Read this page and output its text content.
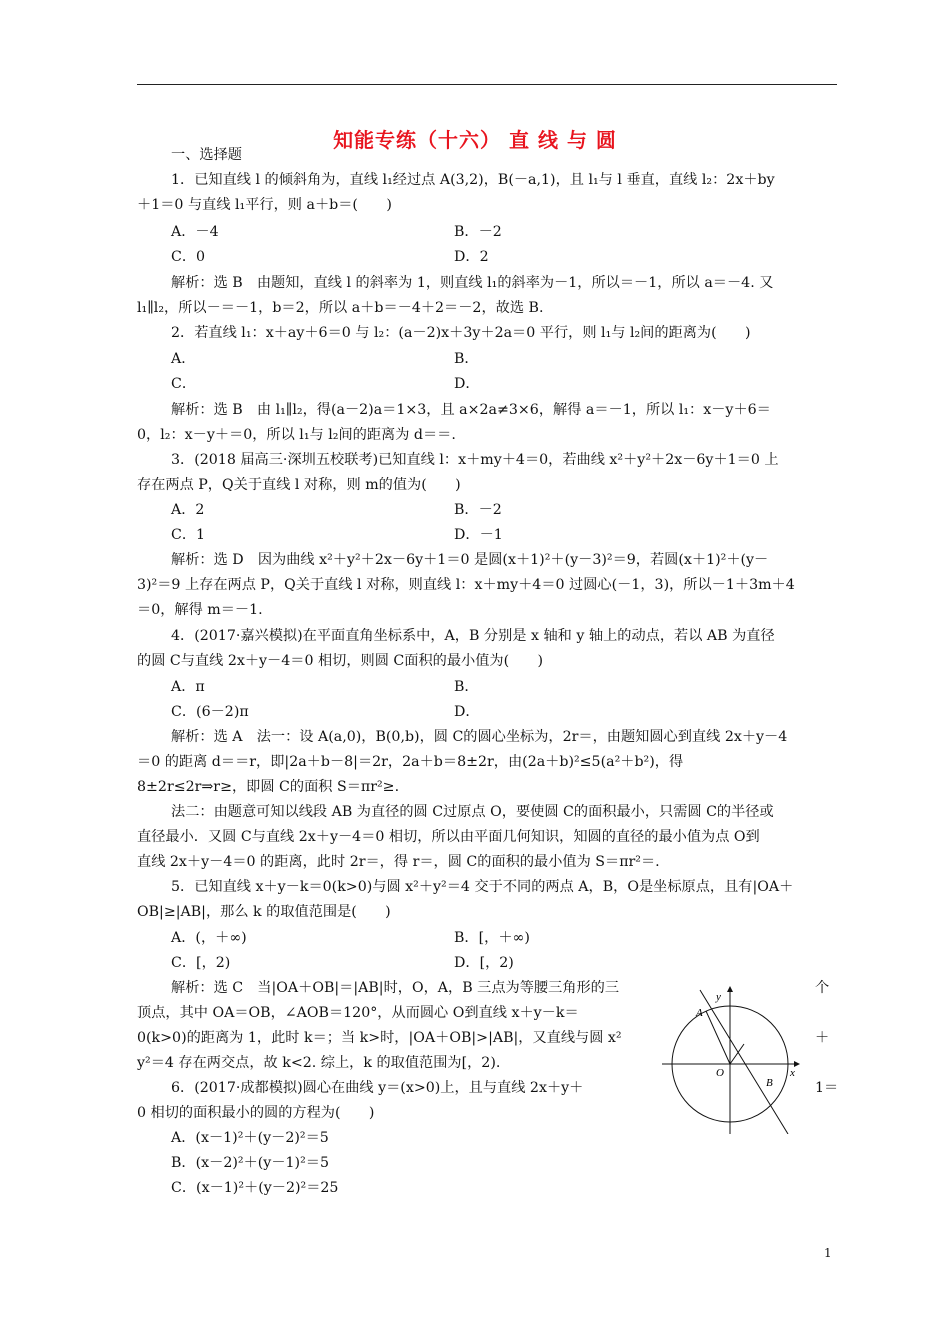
知能专练（十六） 直 线 与 圆
一、选择题
1．已知直线 l 的倾斜角为，直线 l₁经过点 A(3,2)，B(－a,1)，且 l₁与 l 垂直，直线 l₂：2x＋by
＋1＝0 与直线 l₁平行，则 a＋b＝(　　)
A．－4	B．－2
C．0	D．2
解析：选 B　由题知，直线 l 的斜率为 1，则直线 l₁的斜率为－1，所以＝－1，所以 a＝－4. 又
l₁∥l₂，所以－＝－1，b＝2，所以 a＋b＝－4＋2＝－2，故选 B.
2．若直线 l₁：x＋ay＋6＝0 与 l₂：(a－2)x＋3y＋2a＝0 平行，则 l₁与 l₂间的距离为(　　)
A．	B．
C．	D．
解析：选 B　由 l₁∥l₂，得(a－2)a＝1×3，且 a×2a≠3×6，解得 a＝－1，所以 l₁：x－y＋6＝
0，l₂：x－y＋＝0，所以 l₁与 l₂间的距离为 d＝＝.
3．(2018 届高三·深圳五校联考)已知直线 l：x＋my＋4＝0，若曲线 x²＋y²＋2x－6y＋1＝0 上
存在两点 P，Q关于直线 l 对称，则 m的值为(　　)
A．2	B．－2
C．1	D．－1
解析：选 D　因为曲线 x²＋y²＋2x－6y＋1＝0 是圆(x＋1)²＋(y－3)²＝9，若圆(x＋1)²＋(y－
3)²＝9 上存在两点 P，Q关于直线 l 对称，则直线 l：x＋my＋4＝0 过圆心(－1，3)，所以－1＋3m＋4
＝0，解得 m＝－1.
4．(2017·嘉兴模拟)在平面直角坐标系中，A，B 分别是 x 轴和 y 轴上的动点，若以 AB 为直径
的圆 C与直线 2x＋y－4＝0 相切，则圆 C面积的最小值为(　　)
A．π	B．
C．(6－2)π	D．
解析：选 A　法一：设 A(a,0)，B(0,b)，圆 C的圆心坐标为，2r＝，由题知圆心到直线 2x＋y－4
＝0 的距离 d＝＝r，即|2a＋b－8|＝2r，2a＋b＝8±2r，由(2a＋b)²≤5(a²＋b²)，得
8±2r≤2r⇒r≥，即圆 C的面积 S＝πr²≥.
法二：由题意可知以线段 AB 为直径的圆 C过原点 O，要使圆 C的面积最小，只需圆 C的半径或
直径最小．又圆 C与直线 2x＋y－4＝0 相切，所以由平面几何知识，知圆的直径的最小值为点 O到
直线 2x＋y－4＝0 的距离，此时 2r＝，得 r＝，圆 C的面积的最小值为 S＝πr²＝.
5．已知直线 x＋y－k＝0(k>0)与圆 x²＋y²＝4 交于不同的两点 A，B，O是坐标原点，且有|OA＋
OB|≥|AB|，那么 k 的取值范围是(　　)
A．(，＋∞)	B．[，＋∞)
C．[，2)	D．[，2)
解析：选 C　当|OA＋OB|＝|AB|时，O，A，B 三点为等腰三角形的三
顶点，其中 OA＝OB，∠AOB＝120°，从而圆心 O到直线 x＋y－k＝
0(k>0)的距离为 1，此时 k＝；当 k>时，|OA＋OB|>|AB|，又直线与圆 x²
y²＝4 存在两交点，故 k<2. 综上，k 的取值范围为[，2).
6．(2017·成都模拟)圆心在曲线 y＝(x>0)上，且与直线 2x＋y＋
0 相切的面积最小的圆的方程为(　　)
A．(x－1)²＋(y－2)²＝5
B．(x－2)²＋(y－1)²＝5
C．(x－1)²＋(y－2)²＝25
个
＋
1＝
y
A
O
B
x
1
